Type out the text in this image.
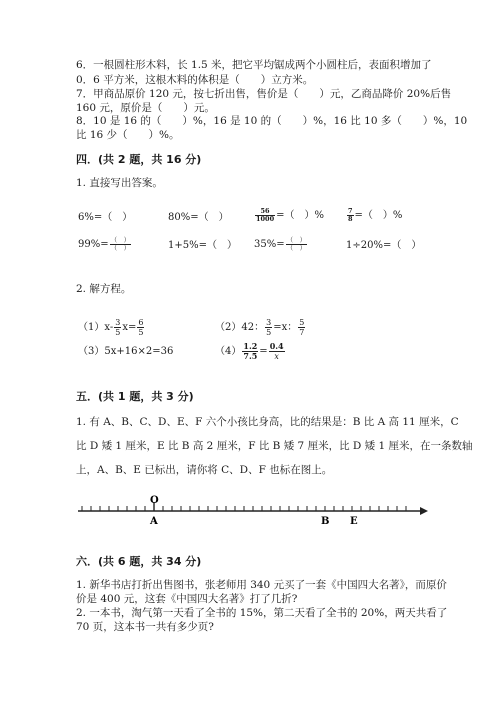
6．一根圆柱形木料，长 1.5 米，把它平均锯成两个小圆柱后，表面积增加了
0．6 平方米，这根木料的体积是（　　）立方米。
7．甲商品原价 120 元，按七折出售，售价是（　　）元，乙商品降价 20%后售
160 元，原价是（　　）元。
8．10 是 16 的（　　）%，16 是 10 的（　　）%，16 比 10 多（　　）%，10
比 16 少（　　）%。
四．(共 2 题，共 16 分)
1. 直接写出答案。
6%=（　）	80%=（　）	$\frac{56}{1000}$ =（　）%	$\frac{7}{8}$ =（　）%
$99\%= \frac{( )}{( )}$	1+5%=（　） $35\%= \frac{( )}{( )}$	1÷20%=（　）
2. 解方程。
$(1)x- \frac{3}{5} x= \frac{6}{5}$	（2）42： $\frac{3}{5} =x$： $\frac{5}{7}$
（3）5x+16×2=36	$(4) \frac{1.2}{7.5} = \frac{0.4}{x}$
五．(共 1 题，共 3 分)
1. 有 A、B、C、D、E、F 六个小孩比身高，比的结果是：B 比 A 高 11 厘米，C
比 D 矮 1 厘米，E 比 B 高 2 厘米，F 比 B 矮 7 厘米，比 D 矮 1 厘米，在一条数轴
上，A、B、E 已标出，请你将 C、D、F 也标在图上。
O
A	B E
六．(共 6 题，共 34 分)
1. 新华书店打折出售图书，张老师用 340 元买了一套《中国四大名著》，而原价
价是 400 元，这套《中国四大名著》打了几折?
2. 一本书，淘气第一天看了全书的 15%，第二天看了全书的 20%，两天共看了
70 页，这本书一共有多少页?
